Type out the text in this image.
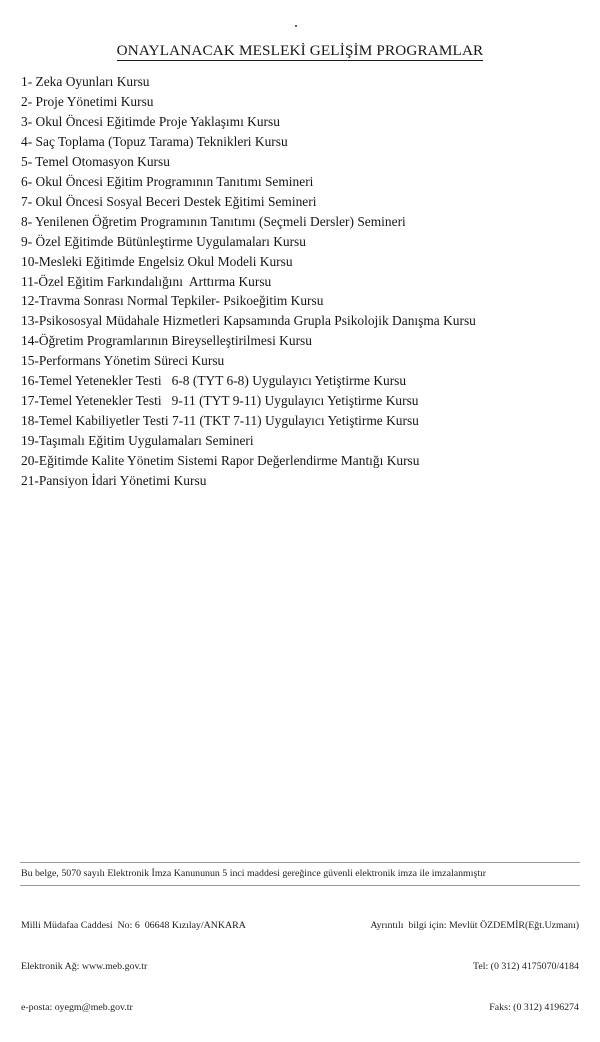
ONAYLANACAK MESLEKİ GELİŞİM PROGRAMLAR
1- Zeka Oyunları Kursu
2- Proje Yönetimi Kursu
3- Okul Öncesi Eğitimde Proje Yaklaşımı Kursu
4- Saç Toplama (Topuz Tarama) Teknikleri Kursu
5- Temel Otomasyon Kursu
6- Okul Öncesi Eğitim Programının Tanıtımı Semineri
7- Okul Öncesi Sosyal Beceri Destek Eğitimi Semineri
8- Yenilenen Öğretim Programının Tanıtımı (Seçmeli Dersler) Semineri
9- Özel Eğitimde Bütünleştirme Uygulamaları Kursu
10-Mesleki Eğitimde Engelsiz Okul Modeli Kursu
11-Özel Eğitim Farkındalığını  Arttırma Kursu
12-Travma Sonrası Normal Tepkiler- Psikoeğitim Kursu
13-Psikososyal Müdahale Hizmetleri Kapsamında Grupla Psikolojik Danışma Kursu
14-Öğretim Programlarının Bireyselleştirilmesi Kursu
15-Performans Yönetim Süreci Kursu
16-Temel Yetenekler Testi   6-8 (TYT 6-8) Uygulayıcı Yetiştirme Kursu
17-Temel Yetenekler Testi   9-11 (TYT 9-11) Uygulayıcı Yetiştirme Kursu
18-Temel Kabiliyetler Testi 7-11 (TKT 7-11) Uygulayıcı Yetiştirme Kursu
19-Taşımalı Eğitim Uygulamaları Semineri
20-Eğitimde Kalite Yönetim Sistemi Rapor Değerlendirme Mantığı Kursu
21-Pansiyon İdari Yönetimi Kursu
Bu belge, 5070 sayılı Elektronik İmza Kanununun 5 inci maddesi gereğince güvenli elektronik imza ile imzalanmıştır

Milli Müdafaa Caddesi  No: 6  06648 Kızılay/ANKARA

Elektronik Ağ: www.meb.gov.tr

e-posta: oyegm@meb.gov.tr

Ayrıntılı  bilgi için: Mevlüt ÖZDEMİR(Eğt.Uzmanı)

Tel: (0 312) 4175070/4184

Faks: (0 312) 4196274
